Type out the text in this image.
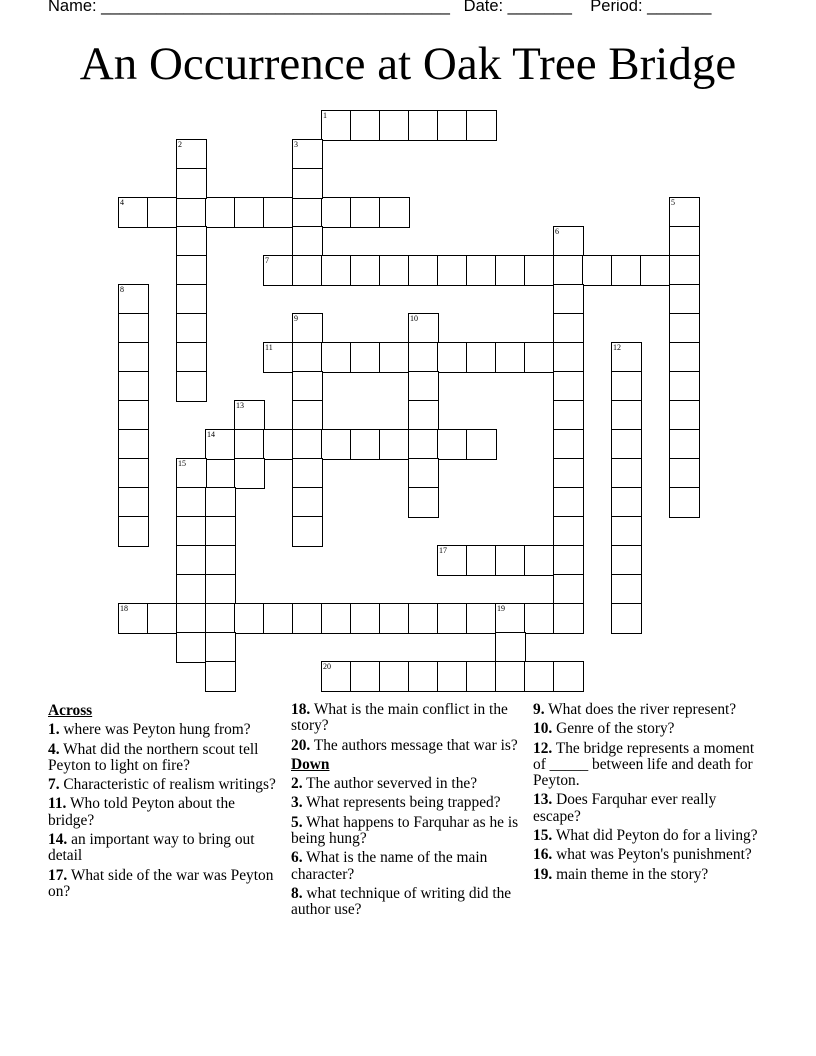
Name: ______________________________________ Date: _______ Period: _______
An Occurrence at Oak Tree Bridge
1
2	3
4	5
6
7
8
9	10
11	12
13
14
15
17
18	19
20
Across
1. where was Peyton hung from?
4. What did the northern scout tell Peyton to light on fire?
7. Characteristic of realism writings?
11. Who told Peyton about the bridge?
14. an important way to bring out detail
17. What side of the war was Peyton on?
18. What is the main conflict in the story?
20. The authors message that war is?
Down
2. The author severved in the?
3. What represents being trapped?
5. What happens to Farquhar as he is being hung?
6. What is the name of the main character?
8. what technique of writing did the author use?
9. What does the river represent?
10. Genre of the story?
12. The bridge represents a moment of _____ between life and death for Peyton.
13. Does Farquhar ever really escape?
15. What did Peyton do for a living?
16. what was Peyton's punishment?
19. main theme in the story?
